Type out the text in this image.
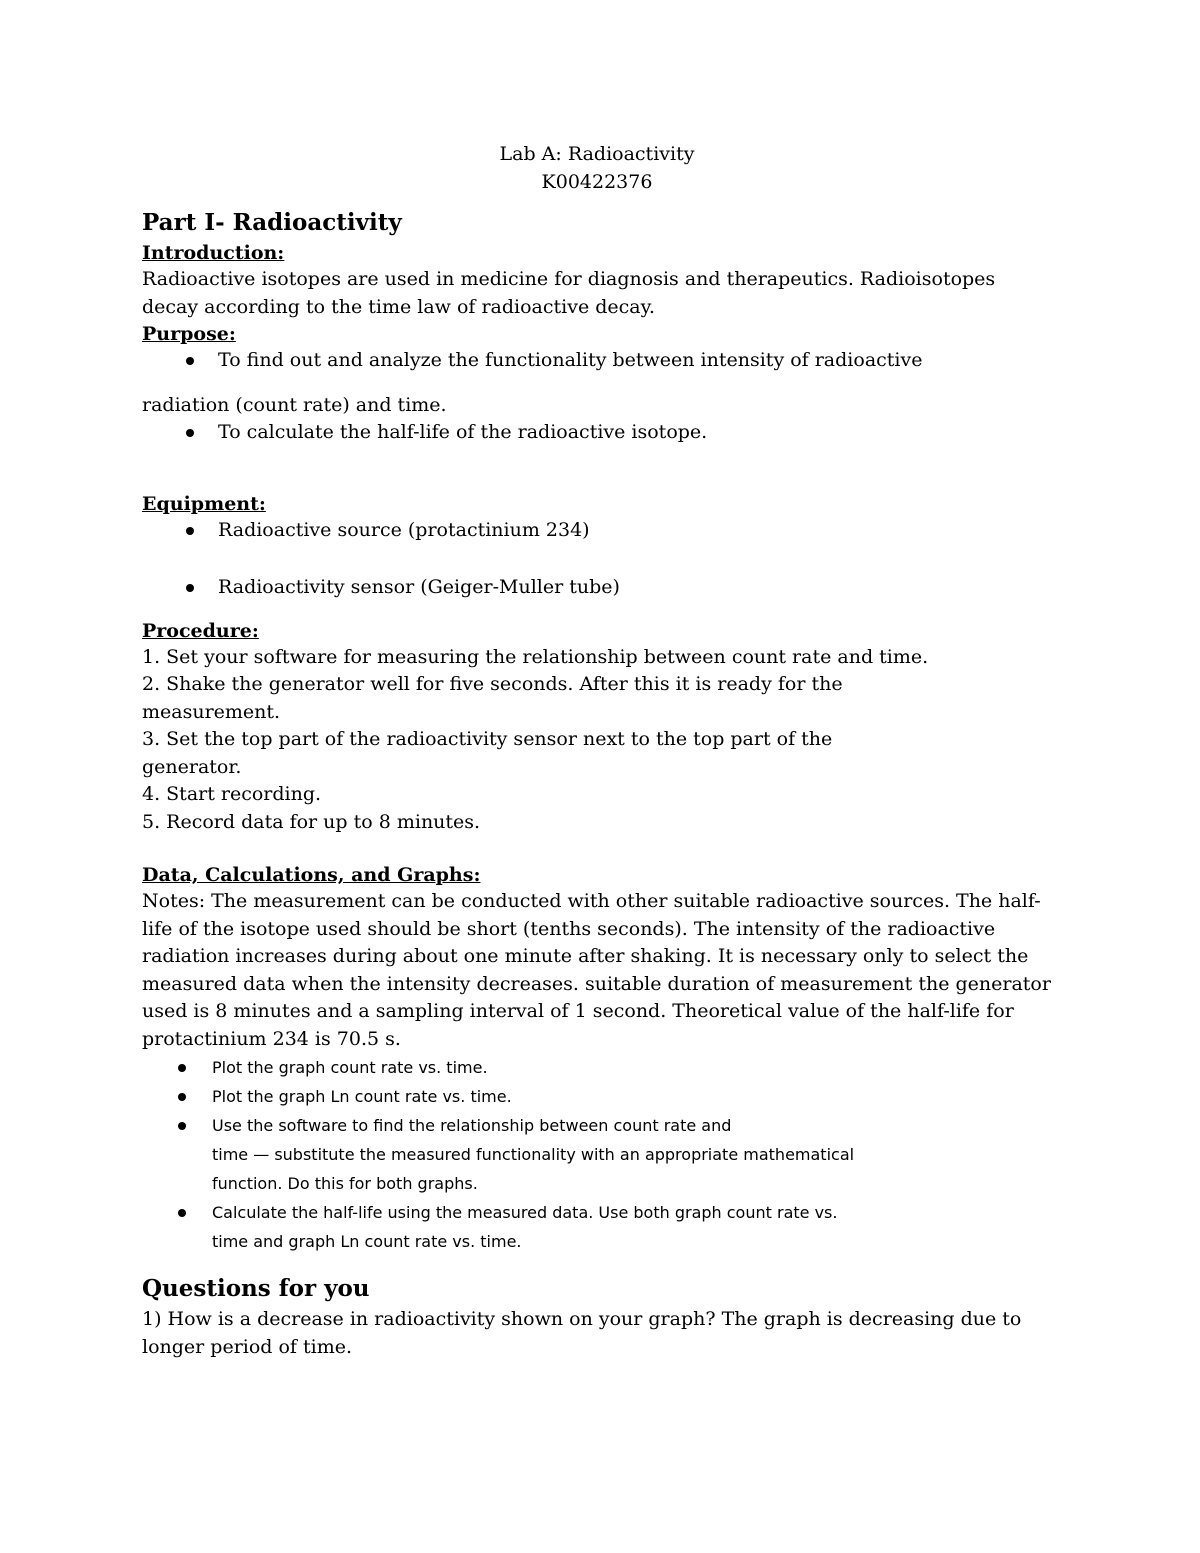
Lab A: Radioactivity
K00422376
Part I- Radioactivity
Introduction:
Radioactive isotopes are used in medicine for diagnosis and therapeutics. Radioisotopes decay according to the time law of radioactive decay.
Purpose:
To find out and analyze the functionality between intensity of radioactive
radiation (count rate) and time.
To calculate the half-life of the radioactive isotope.
Equipment:
Radioactive source (protactinium 234)
Radioactivity sensor (Geiger-Muller tube)
Procedure:
1. Set your software for measuring the relationship between count rate and time.
2. Shake the generator well for five seconds. After this it is ready for the
measurement.
3. Set the top part of the radioactivity sensor next to the top part of the
generator.
4. Start recording.
5. Record data for up to 8 minutes.
Data, Calculations, and Graphs:
Notes: The measurement can be conducted with other suitable radioactive sources. The half-life of the isotope used should be short (tenths seconds). The intensity of the radioactive radiation increases during about one minute after shaking. It is necessary only to select the measured data when the intensity decreases. suitable duration of measurement the generator used is 8 minutes and a sampling interval of 1 second. Theoretical value of the half-life for protactinium 234 is 70.5 s.
Plot the graph count rate vs. time.
Plot the graph Ln count rate vs. time.
Use the software to find the relationship between count rate and
time — substitute the measured functionality with an appropriate mathematical
function. Do this for both graphs.
Calculate the half-life using the measured data. Use both graph count rate vs.
time and graph Ln count rate vs. time.
Questions for you
1) How is a decrease in radioactivity shown on your graph? The graph is decreasing due to longer period of time.
